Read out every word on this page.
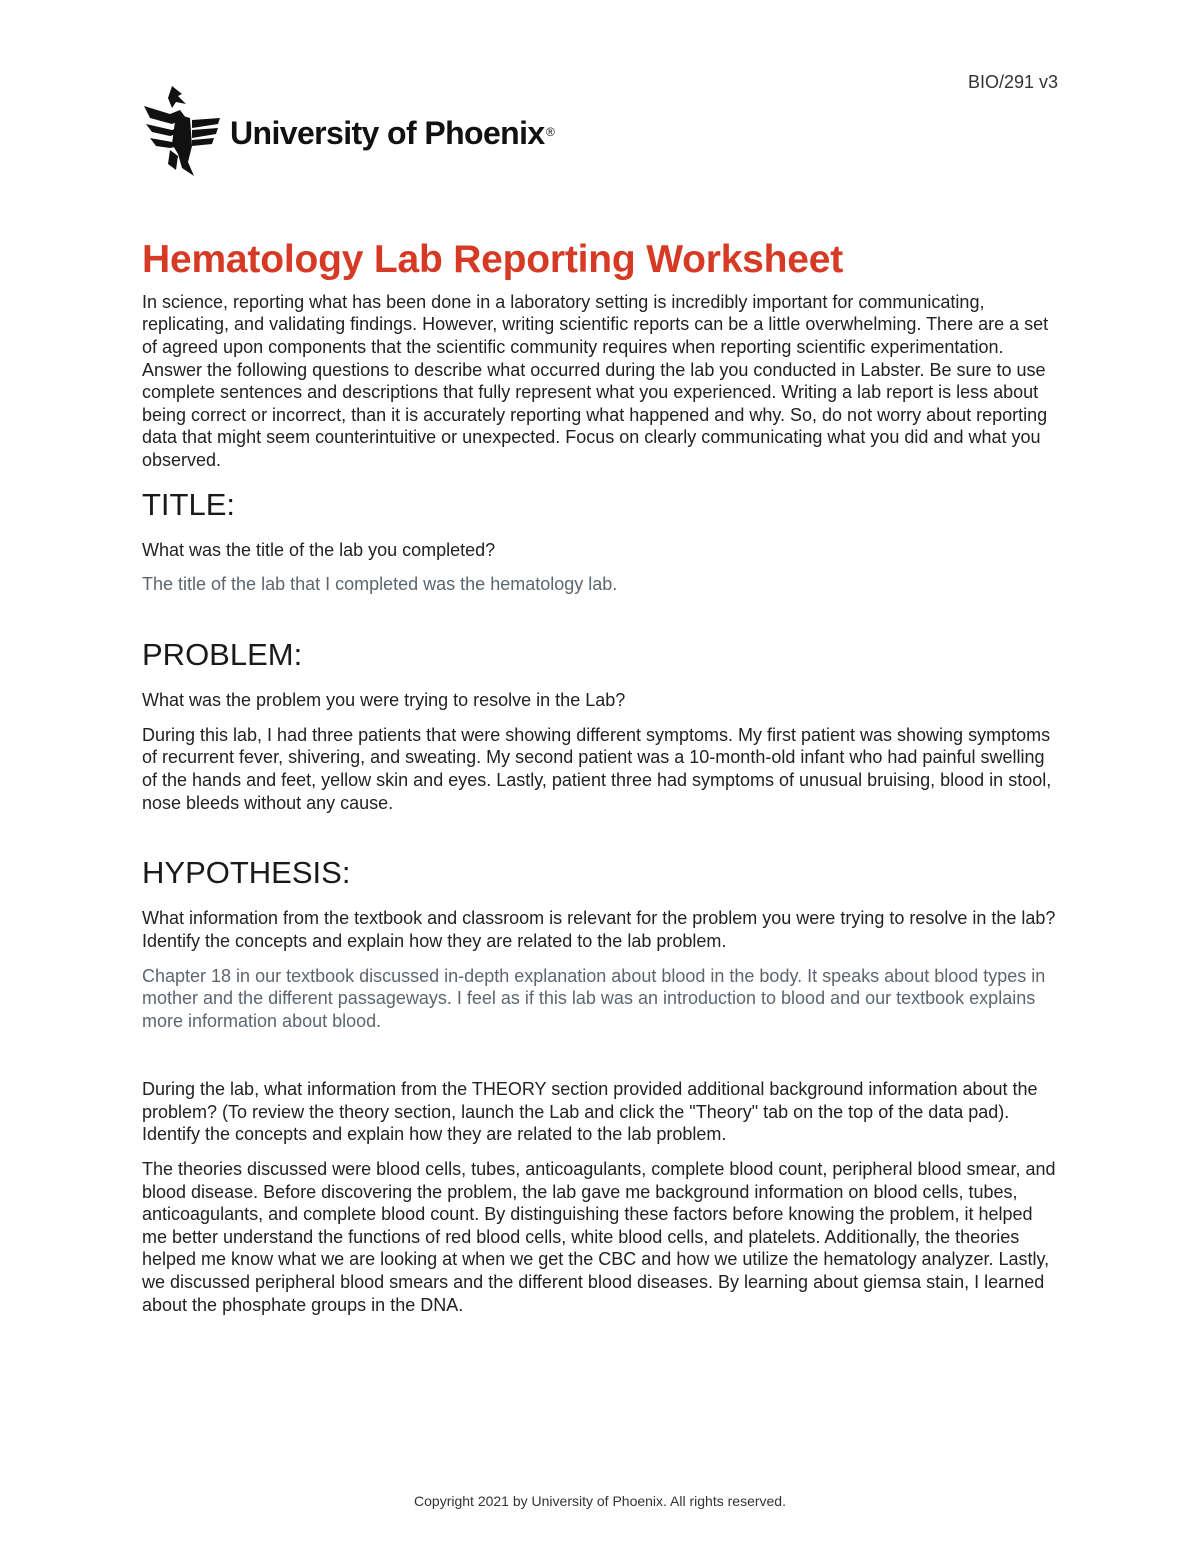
BIO/291 v3
University of Phoenix ®
Hematology Lab Reporting Worksheet

In science, reporting what has been done in a laboratory setting is incredibly important for communicating, replicating, and validating findings. However, writing scientific reports can be a little overwhelming. There are a set of agreed upon components that the scientific community requires when reporting scientific experimentation. Answer the following questions to describe what occurred during the lab you conducted in Labster. Be sure to use complete sentences and descriptions that fully represent what you experienced. Writing a lab report is less about being correct or incorrect, than it is accurately reporting what happened and why. So, do not worry about reporting data that might seem counterintuitive or unexpected. Focus on clearly communicating what you did and what you observed.

TITLE:

What was the title of the lab you completed?

The title of the lab that I completed was the hematology lab.

PROBLEM:

What was the problem you were trying to resolve in the Lab?

During this lab, I had three patients that were showing different symptoms. My first patient was showing symptoms of recurrent fever, shivering, and sweating. My second patient was a 10-month-old infant who had painful swelling of the hands and feet, yellow skin and eyes. Lastly, patient three had symptoms of unusual bruising, blood in stool, nose bleeds without any cause.

HYPOTHESIS:

What information from the textbook and classroom is relevant for the problem you were trying to resolve in the lab? Identify the concepts and explain how they are related to the lab problem.

Chapter 18 in our textbook discussed in-depth explanation about blood in the body. It speaks about blood types in mother and the different passageways. I feel as if this lab was an introduction to blood and our textbook explains more information about blood.

During the lab, what information from the THEORY section provided additional background information about the problem? (To review the theory section, launch the Lab and click the "Theory" tab on the top of the data pad). Identify the concepts and explain how they are related to the lab problem.

The theories discussed were blood cells, tubes, anticoagulants, complete blood count, peripheral blood smear, and blood disease. Before discovering the problem, the lab gave me background information on blood cells, tubes, anticoagulants, and complete blood count. By distinguishing these factors before knowing the problem, it helped me better understand the functions of red blood cells, white blood cells, and platelets. Additionally, the theories helped me know what we are looking at when we get the CBC and how we utilize the hematology analyzer. Lastly, we discussed peripheral blood smears and the different blood diseases. By learning about giemsa stain, I learned about the phosphate groups in the DNA.

Copyright 2021 by University of Phoenix. All rights reserved.
